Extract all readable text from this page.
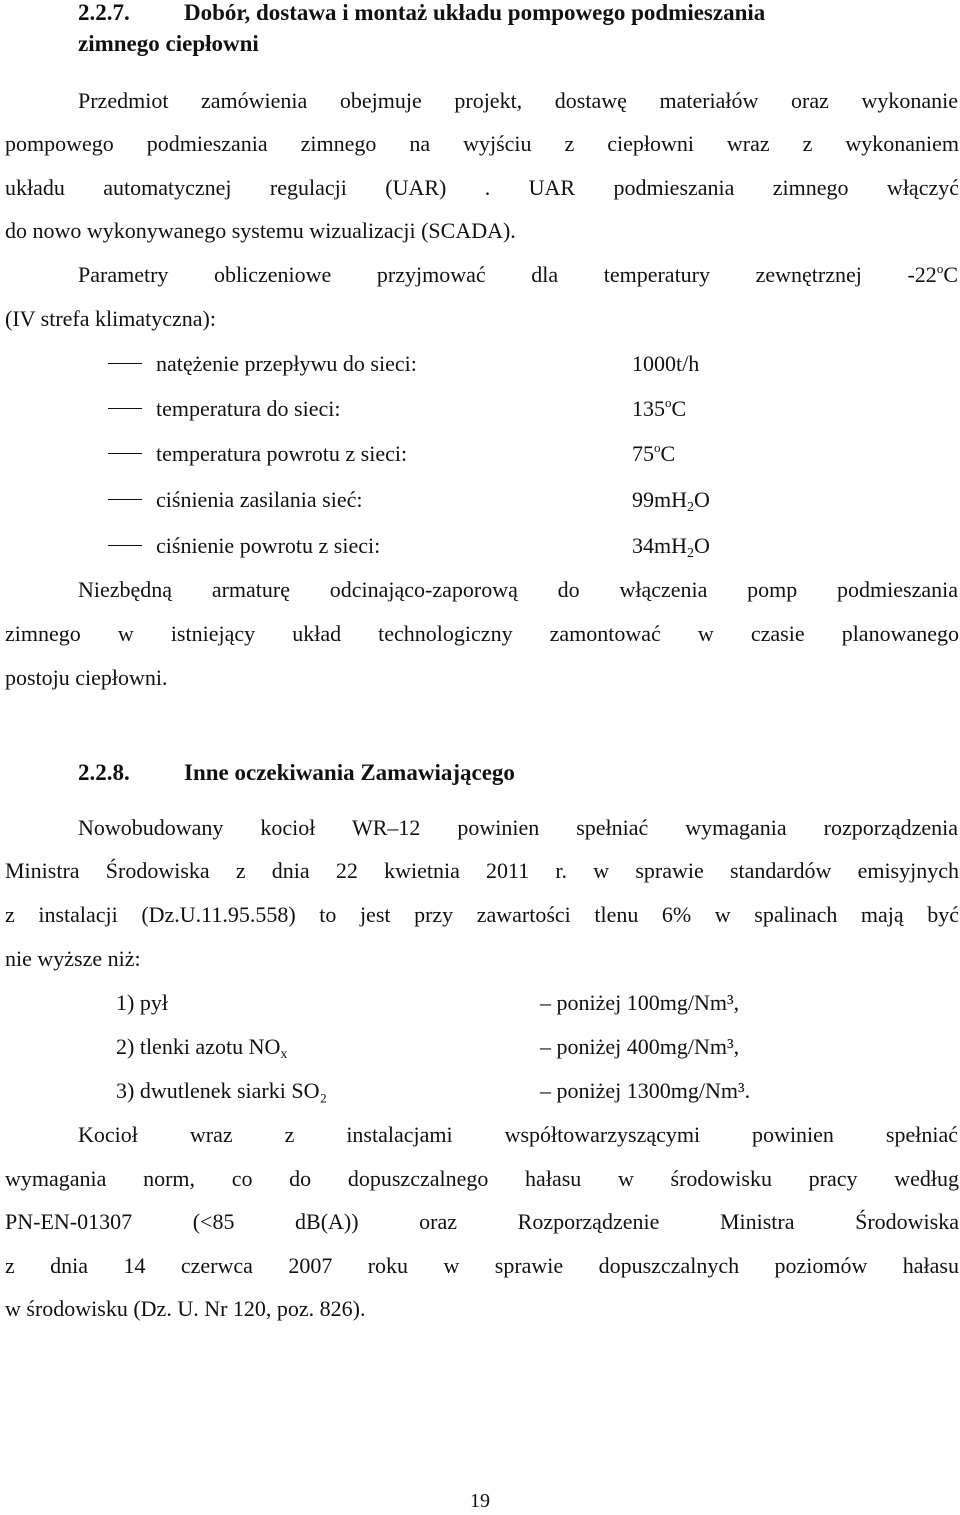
2.2.7. Dobór, dostawa i montaż układu pompowego podmieszania
zimnego ciepłowni
Przedmiot zamówienia obejmuje projekt, dostawę materiałów oraz wykonanie
pompowego podmieszania zimnego na wyjściu z ciepłowni wraz z wykonaniem
układu automatycznej regulacji (UAR) . UAR podmieszania zimnego włączyć
do nowo wykonywanego systemu wizualizacji (SCADA).
Parametry obliczeniowe przyjmować dla temperatury zewnętrznej -22$^o$C
(IV strefa klimatyczna):
natężenie przepływu do sieci:	1000t/h
temperatura do sieci:	135$^o$C
temperatura powrotu z sieci:	75$^o$C
ciśnienia zasilania sieć:	99mH2O
ciśnienie powrotu z sieci:	34mH2O
Niezbędną armaturę odcinająco-zaporową do włączenia pomp podmieszania
zimnego w istniejący układ technologiczny zamontować w czasie planowanego
postoju ciepłowni.
2.2.8. Inne oczekiwania Zamawiającego
Nowobudowany kocioł WR–12 powinien spełniać wymagania rozporządzenia
Ministra Środowiska z dnia 22 kwietnia 2011 r. w sprawie standardów emisyjnych
z instalacji (Dz.U.11.95.558) to jest przy zawartości tlenu 6% w spalinach mają być
nie wyższe niż:
1) pył	– poniżej 100mg/Nm³,
2) tlenki azotu NOx	– poniżej 400mg/Nm³,
3) dwutlenek siarki SO₂	– poniżej 1300mg/Nm³.
Kocioł wraz z instalacjami współtowarzyszącymi powinien spełniać
wymagania norm, co do dopuszczalnego hałasu w środowisku pracy według
PN-EN-01307 (<85 dB(A)) oraz Rozporządzenie Ministra Środowiska
z dnia 14 czerwca 2007 roku w sprawie dopuszczalnych poziomów hałasu
w środowisku (Dz. U. Nr 120, poz. 826).
19
